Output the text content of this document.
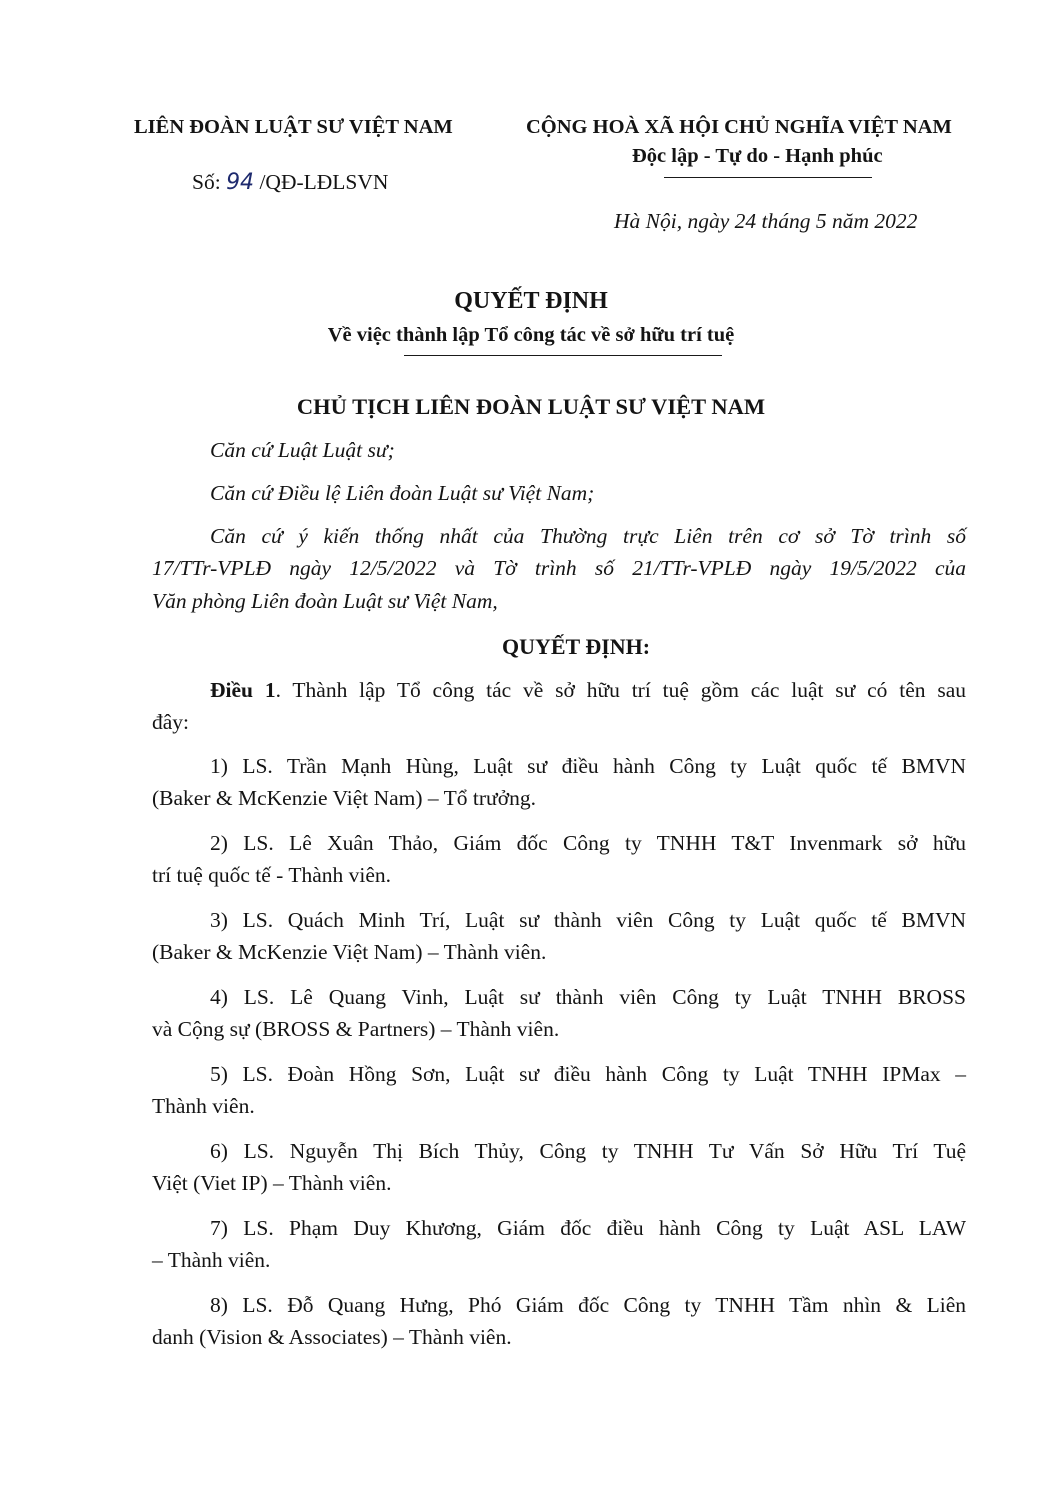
LIÊN ĐOÀN LUẬT SƯ VIỆT NAM
Số: 94 /QĐ-LĐLSVN
CỘNG HOÀ XÃ HỘI CHỦ NGHĨA VIỆT NAM
Độc lập - Tự do - Hạnh phúc
Hà Nội, ngày 24 tháng 5 năm 2022
QUYẾT ĐỊNH
Về việc thành lập Tổ công tác về sở hữu trí tuệ
CHỦ TỊCH LIÊN ĐOÀN LUẬT SƯ VIỆT NAM
Căn cứ Luật Luật sư;
Căn cứ Điều lệ Liên đoàn Luật sư Việt Nam;
Căn cứ ý kiến thống nhất của Thường trực Liên trên cơ sở Tờ trình số
17/TTr-VPLĐ ngày 12/5/2022 và Tờ trình số 21/TTr-VPLĐ ngày 19/5/2022 của
Văn phòng Liên đoàn Luật sư Việt Nam,
QUYẾT ĐỊNH:
Điều 1. Thành lập Tổ công tác về sở hữu trí tuệ gồm các luật sư có tên sau
đây:
1) LS. Trần Mạnh Hùng, Luật sư điều hành Công ty Luật quốc tế BMVN
(Baker & McKenzie Việt Nam) – Tổ trưởng.
2) LS. Lê Xuân Thảo, Giám đốc Công ty TNHH T&T Invenmark sở hữu
trí tuệ quốc tế - Thành viên.
3) LS. Quách Minh Trí, Luật sư thành viên Công ty Luật quốc tế BMVN
(Baker & McKenzie Việt Nam) – Thành viên.
4) LS. Lê Quang Vinh, Luật sư thành viên Công ty Luật TNHH BROSS
và Cộng sự (BROSS & Partners) – Thành viên.
5) LS. Đoàn Hồng Sơn, Luật sư điều hành Công ty Luật TNHH IPMax –
Thành viên.
6) LS. Nguyễn Thị Bích Thủy, Công ty TNHH Tư Vấn Sở Hữu Trí Tuệ
Việt (Viet IP) – Thành viên.
7) LS. Phạm Duy Khương, Giám đốc điều hành Công ty Luật ASL LAW
– Thành viên.
8) LS. Đỗ Quang Hưng, Phó Giám đốc Công ty TNHH Tầm nhìn & Liên
danh (Vision & Associates) – Thành viên.
